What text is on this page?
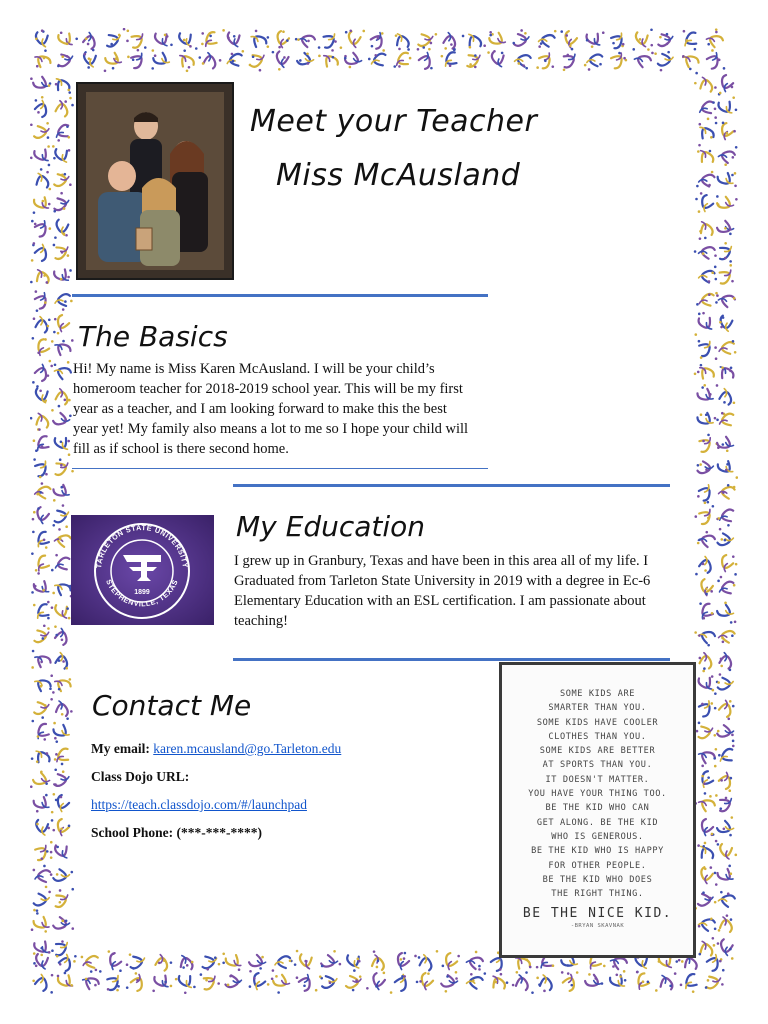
Meet your Teacher
Miss McAusland
The Basics
Hi! My name is Miss Karen McAusland. I will be your child’s
homeroom teacher for 2018-2019 school year. This will be my first
year as a teacher, and I am looking forward to make this the best
year yet! My family also means a lot to me so I hope your child will
fill as if school is there second home.
TARLETON STATE UNIVERSITY
STEPHENVILLE, TEXAS
1899
My Education
I grew up in Granbury, Texas and have been in this area all of my life. I
Graduated from Tarleton State University in 2019 with a degree in Ec-6
Elementary Education with an ESL certification. I am passionate about
teaching!
Contact Me
My email: karen.mcausland@go.Tarleton.edu
Class Dojo URL:
https://teach.classdojo.com/#/launchpad
School Phone: (***-***-****)
SOME KIDS ARE
SMARTER THAN YOU.
SOME KIDS HAVE COOLER
CLOTHES THAN YOU.
SOME KIDS ARE BETTER
AT SPORTS THAN YOU.
IT DOESN'T MATTER.
YOU HAVE YOUR THING TOO.
BE THE KID WHO CAN
GET ALONG. BE THE KID
WHO IS GENEROUS.
BE THE KID WHO IS HAPPY
FOR OTHER PEOPLE.
BE THE KID WHO DOES
THE RIGHT THING.
BE THE NICE KID.
-BRYAN SKAVNAK
